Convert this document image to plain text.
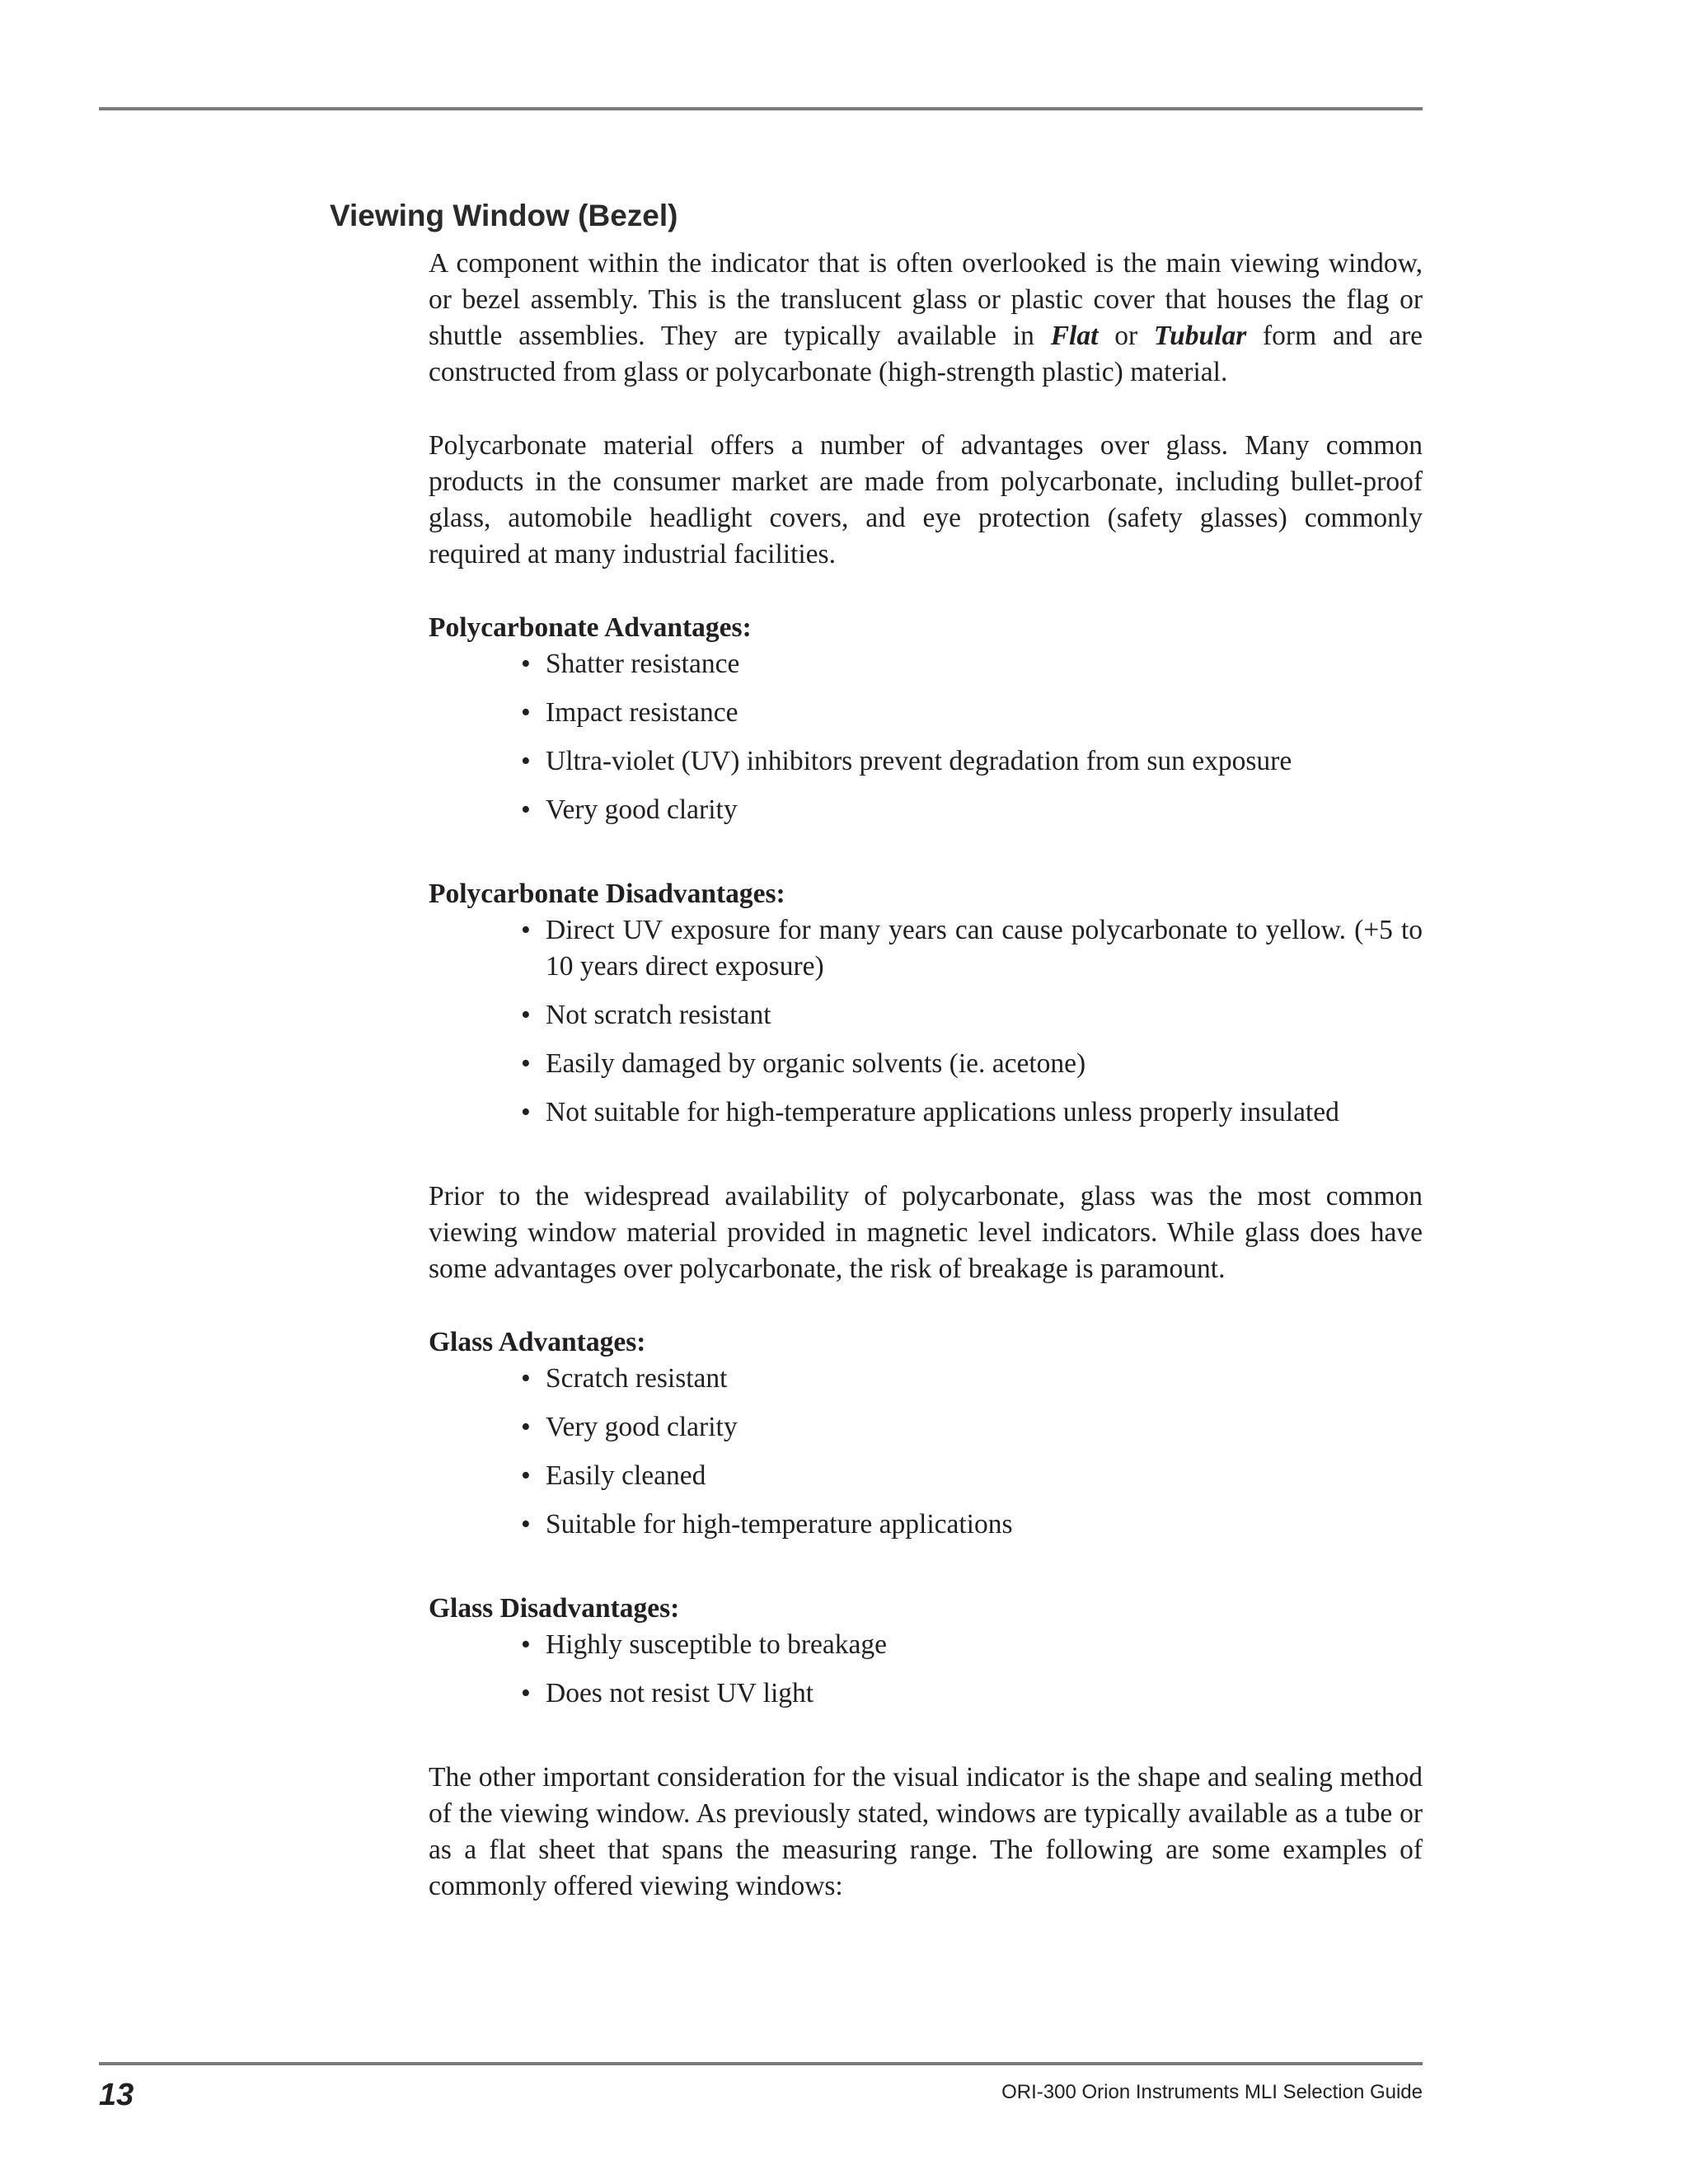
Viewing Window (Bezel)

A component within the indicator that is often overlooked is the main viewing window, or bezel assembly. This is the translucent glass or plastic cover that houses the flag or shuttle assemblies. They are typically available in Flat or Tubular form and are constructed from glass or polycarbonate (high-strength plastic) material.

Polycarbonate material offers a number of advantages over glass. Many common products in the consumer market are made from polycarbonate, including bullet-proof glass, automobile headlight covers, and eye protection (safety glasses) commonly required at many industrial facilities.

Polycarbonate Advantages:
• Shatter resistance
• Impact resistance
• Ultra-violet (UV) inhibitors prevent degradation from sun exposure
• Very good clarity
Polycarbonate Disadvantages:
• Direct UV exposure for many years can cause polycarbonate to yellow. (+5 to 10 years direct exposure)
• Not scratch resistant
• Easily damaged by organic solvents (ie. acetone)
• Not suitable for high-temperature applications unless properly insulated

Prior to the widespread availability of polycarbonate, glass was the most common viewing window material provided in magnetic level indicators. While glass does have some advantages over polycarbonate, the risk of breakage is paramount.

Glass Advantages:
• Scratch resistant
• Very good clarity
• Easily cleaned
• Suitable for high-temperature applications
Glass Disadvantages:
• Highly susceptible to breakage
• Does not resist UV light

The other important consideration for the visual indicator is the shape and sealing method of the viewing window. As previously stated, windows are typically available as a tube or as a flat sheet that spans the measuring range. The following are some examples of commonly offered viewing windows:

13	ORI-300 Orion Instruments MLI Selection Guide
